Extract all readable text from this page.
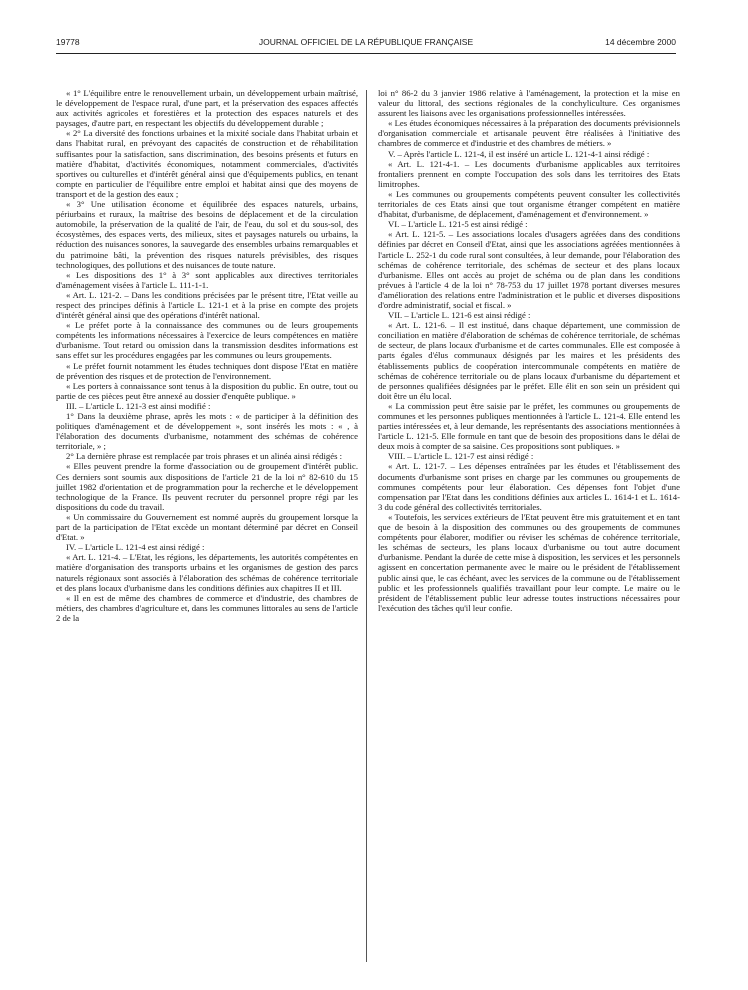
19778	JOURNAL OFFICIEL DE LA RÉPUBLIQUE FRANÇAISE	14 décembre 2000

« 1° L'équilibre entre le renouvellement urbain, un développement urbain maîtrisé, le développement de l'espace rural, d'une part, et la préservation des espaces affectés aux activités agricoles et forestières et la protection des espaces naturels et des paysages, d'autre part, en respectant les objectifs du développement durable ;

« 2° La diversité des fonctions urbaines et la mixité sociale dans l'habitat urbain et dans l'habitat rural, en prévoyant des capacités de construction et de réhabilitation suffisantes pour la satisfaction, sans discrimination, des besoins présents et futurs en matière d'habitat, d'activités économiques, notamment commerciales, d'activités sportives ou culturelles et d'intérêt général ainsi que d'équipements publics, en tenant compte en particulier de l'équilibre entre emploi et habitat ainsi que des moyens de transport et de la gestion des eaux ;

« 3° Une utilisation économe et équilibrée des espaces naturels, urbains, périurbains et ruraux, la maîtrise des besoins de déplacement et de la circulation automobile, la préservation de la qualité de l'air, de l'eau, du sol et du sous-sol, des écosystèmes, des espaces verts, des milieux, sites et paysages naturels ou urbains, la réduction des nuisances sonores, la sauvegarde des ensembles urbains remarquables et du patrimoine bâti, la prévention des risques naturels prévisibles, des risques technologiques, des pollutions et des nuisances de toute nature.

« Les dispositions des 1° à 3° sont applicables aux directives territoriales d'aménagement visées à l'article L. 111-1-1.

« Art. L. 121-2. – Dans les conditions précisées par le présent titre, l'Etat veille au respect des principes définis à l'article L. 121-1 et à la prise en compte des projets d'intérêt général ainsi que des opérations d'intérêt national.

« Le préfet porte à la connaissance des communes ou de leurs groupements compétents les informations nécessaires à l'exercice de leurs compétences en matière d'urbanisme. Tout retard ou omission dans la transmission desdites informations est sans effet sur les procédures engagées par les communes ou leurs groupements.

« Le préfet fournit notamment les études techniques dont dispose l'Etat en matière de prévention des risques et de protection de l'environnement.

« Les porters à connaissance sont tenus à la disposition du public. En outre, tout ou partie de ces pièces peut être annexé au dossier d'enquête publique. »

III. – L'article L. 121-3 est ainsi modifié :

1° Dans la deuxième phrase, après les mots : « de participer à la définition des politiques d'aménagement et de développement », sont insérés les mots : « , à l'élaboration des documents d'urbanisme, notamment des schémas de cohérence territoriale, » ;

2° La dernière phrase est remplacée par trois phrases et un alinéa ainsi rédigés :

« Elles peuvent prendre la forme d'association ou de groupement d'intérêt public. Ces derniers sont soumis aux dispositions de l'article 21 de la loi n° 82-610 du 15 juillet 1982 d'orientation et de programmation pour la recherche et le développement technologique de la France. Ils peuvent recruter du personnel propre régi par les dispositions du code du travail.

« Un commissaire du Gouvernement est nommé auprès du groupement lorsque la part de la participation de l'Etat excède un montant déterminé par décret en Conseil d'Etat. »

IV. – L'article L. 121-4 est ainsi rédigé :

« Art. L. 121-4. – L'Etat, les régions, les départements, les autorités compétentes en matière d'organisation des transports urbains et les organismes de gestion des parcs naturels régionaux sont associés à l'élaboration des schémas de cohérence territoriale et des plans locaux d'urbanisme dans les conditions définies aux chapitres II et III.

« Il en est de même des chambres de commerce et d'industrie, des chambres de métiers, des chambres d'agriculture et, dans les communes littorales au sens de l'article 2 de la

loi n° 86-2 du 3 janvier 1986 relative à l'aménagement, la protection et la mise en valeur du littoral, des sections régionales de la conchyliculture. Ces organismes assurent les liaisons avec les organisations professionnelles intéressées.

« Les études économiques nécessaires à la préparation des documents prévisionnels d'organisation commerciale et artisanale peuvent être réalisées à l'initiative des chambres de commerce et d'industrie et des chambres de métiers. »

V. – Après l'article L. 121-4, il est inséré un article L. 121-4-1 ainsi rédigé :

« Art. L. 121-4-1. – Les documents d'urbanisme applicables aux territoires frontaliers prennent en compte l'occupation des sols dans les territoires des Etats limitrophes.

« Les communes ou groupements compétents peuvent consulter les collectivités territoriales de ces Etats ainsi que tout organisme étranger compétent en matière d'habitat, d'urbanisme, de déplacement, d'aménagement et d'environnement. »

VI. – L'article L. 121-5 est ainsi rédigé :

« Art. L. 121-5. – Les associations locales d'usagers agréées dans des conditions définies par décret en Conseil d'Etat, ainsi que les associations agréées mentionnées à l'article L. 252-1 du code rural sont consultées, à leur demande, pour l'élaboration des schémas de cohérence territoriale, des schémas de secteur et des plans locaux d'urbanisme. Elles ont accès au projet de schéma ou de plan dans les conditions prévues à l'article 4 de la loi n° 78-753 du 17 juillet 1978 portant diverses mesures d'amélioration des relations entre l'administration et le public et diverses dispositions d'ordre administratif, social et fiscal. »

VII. – L'article L. 121-6 est ainsi rédigé :

« Art. L. 121-6. – Il est institué, dans chaque département, une commission de conciliation en matière d'élaboration de schémas de cohérence territoriale, de schémas de secteur, de plans locaux d'urbanisme et de cartes communales. Elle est composée à parts égales d'élus communaux désignés par les maires et les présidents des établissements publics de coopération intercommunale compétents en matière de schémas de cohérence territoriale ou de plans locaux d'urbanisme du département et de personnes qualifiées désignées par le préfet. Elle élit en son sein un président qui doit être un élu local.

« La commission peut être saisie par le préfet, les communes ou groupements de communes et les personnes publiques mentionnées à l'article L. 121-4. Elle entend les parties intéressées et, à leur demande, les représentants des associations mentionnées à l'article L. 121-5. Elle formule en tant que de besoin des propositions dans le délai de deux mois à compter de sa saisine. Ces propositions sont publiques. »

VIII. – L'article L. 121-7 est ainsi rédigé :

« Art. L. 121-7. – Les dépenses entraînées par les études et l'établissement des documents d'urbanisme sont prises en charge par les communes ou groupements de communes compétents pour leur élaboration. Ces dépenses font l'objet d'une compensation par l'Etat dans les conditions définies aux articles L. 1614-1 et L. 1614-3 du code général des collectivités territoriales.

« Toutefois, les services extérieurs de l'Etat peuvent être mis gratuitement et en tant que de besoin à la disposition des communes ou des groupements de communes compétents pour élaborer, modifier ou réviser les schémas de cohérence territoriale, les schémas de secteurs, les plans locaux d'urbanisme ou tout autre document d'urbanisme. Pendant la durée de cette mise à disposition, les services et les personnels agissent en concertation permanente avec le maire ou le président de l'établissement public ainsi que, le cas échéant, avec les services de la commune ou de l'établissement public et les professionnels qualifiés travaillant pour leur compte. Le maire ou le président de l'établissement public leur adresse toutes instructions nécessaires pour l'exécution des tâches qu'il leur confie.
